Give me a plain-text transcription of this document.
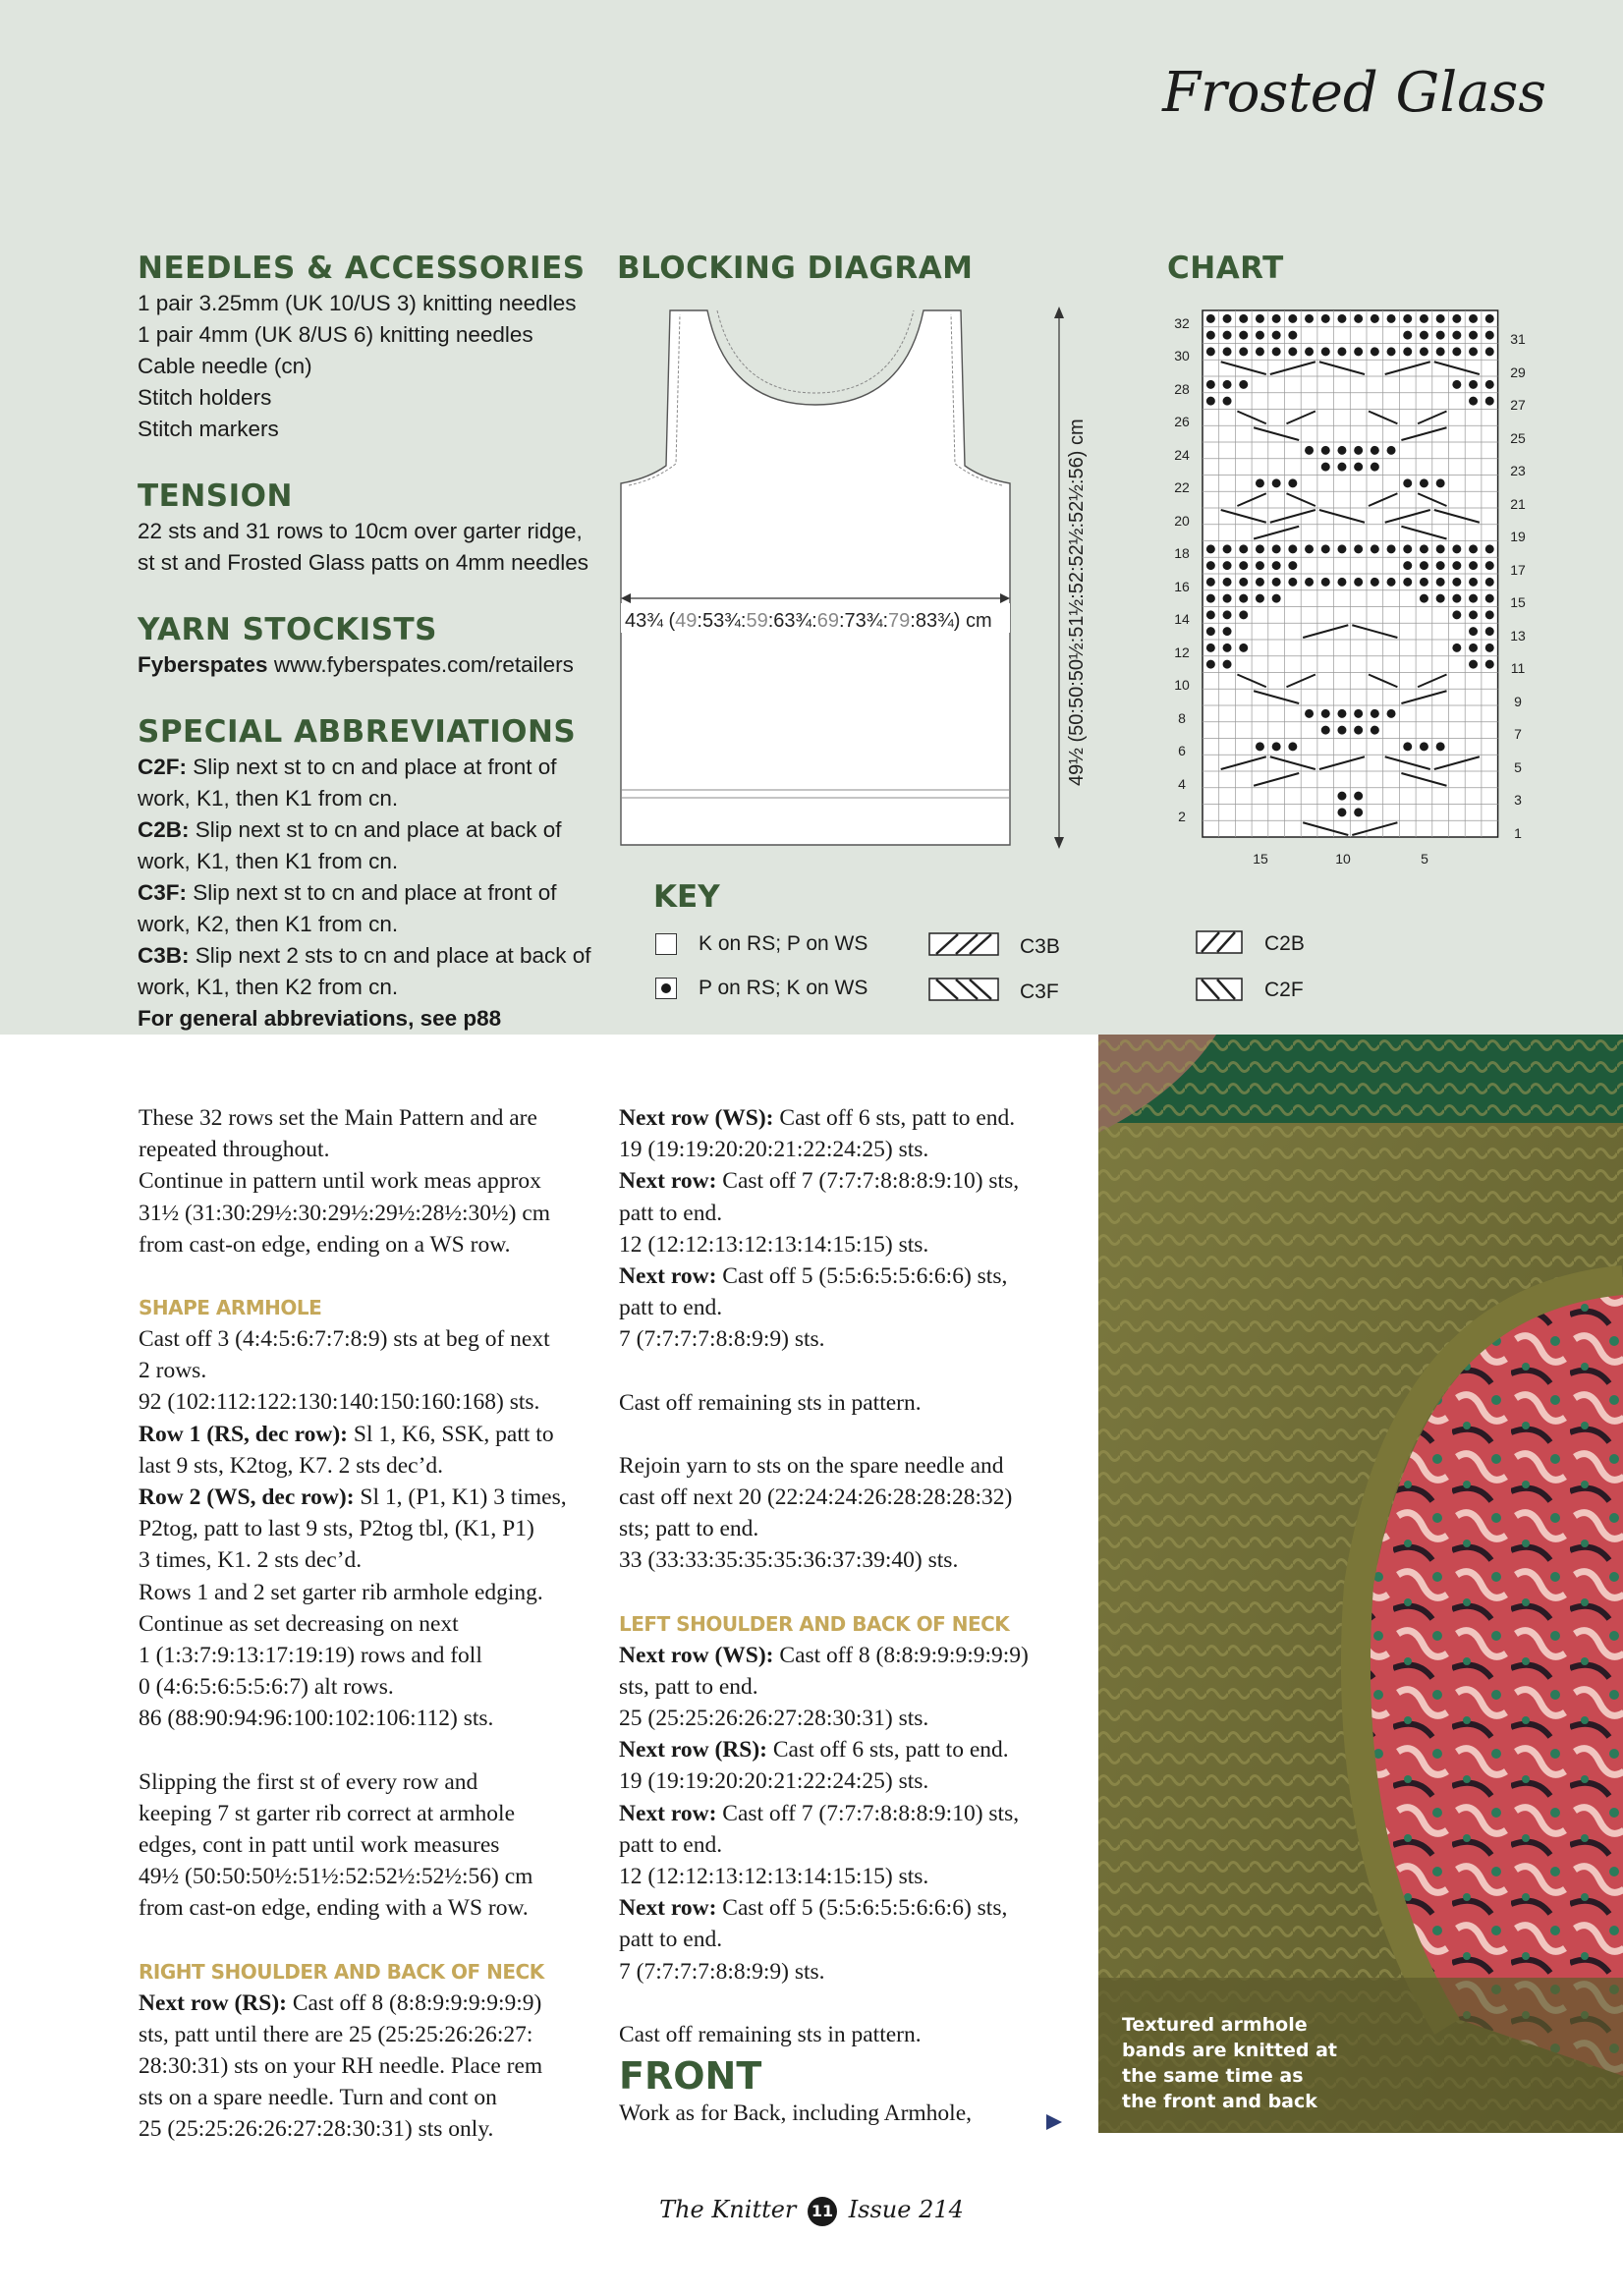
Frosted Glass
NEEDLES & ACCESSORIES
1 pair 3.25mm (UK 10/US 3) knitting needles
1 pair 4mm (UK 8/US 6) knitting needles
Cable needle (cn)
Stitch holders
Stitch markers
TENSION
22 sts and 31 rows to 10cm over garter ridge,
st st and Frosted Glass patts on 4mm needles
YARN STOCKISTS
Fyberspates www.fyberspates.com/retailers
SPECIAL ABBREVIATIONS
C2F: Slip next st to cn and place at front of
work, K1, then K1 from cn.
C2B: Slip next st to cn and place at back of
work, K1, then K1 from cn.
C3F: Slip next st to cn and place at front of
work, K2, then K1 from cn.
C3B: Slip next 2 sts to cn and place at back of
work, K1, then K2 from cn.
For general abbreviations, see p88
BLOCKING DIAGRAM
43¾ (49:53¾:59:63¾:69:73¾:79:83¾) cm	49½ (50:50:50½:51½:52:52½:52½:56) cm
CHART
32
30
28
26
24
22
20
18
16
14
12
10
8
6
4
2
31
29
27
25
23
21
19
17
15
13
11
9
7
5
3
1
15	10	5
KEY
K on RS; P on WS
P on RS; K on WS
C3B
C3F
C2B
C2F

These 32 rows set the Main Pattern and are

repeated throughout.

Continue in pattern until work meas approx

31½ (31:30:29½:30:29½:29½:28½:30½) cm

from cast-on edge, ending on a WS row.

SHAPE ARMHOLE

Cast off 3 (4:4:5:6:7:7:8:9) sts at beg of next

2 rows.

92 (102:112:122:130:140:150:160:168) sts.

Row 1 (RS, dec row): Sl 1, K6, SSK, patt to

last 9 sts, K2tog, K7. 2 sts dec’d.

Row 2 (WS, dec row): Sl 1, (P1, K1) 3 times,

P2tog, patt to last 9 sts, P2tog tbl, (K1, P1)

3 times, K1. 2 sts dec’d.

Rows 1 and 2 set garter rib armhole edging.

Continue as set decreasing on next

1 (1:3:7:9:13:17:19:19) rows and foll

0 (4:6:5:6:5:5:6:7) alt rows.

86 (88:90:94:96:100:102:106:112) sts.

Slipping the first st of every row and

keeping 7 st garter rib correct at armhole

edges, cont in patt until work measures

49½ (50:50:50½:51½:52:52½:52½:56) cm

from cast-on edge, ending with a WS row.

RIGHT SHOULDER AND BACK OF NECK

Next row (RS): Cast off 8 (8:8:9:9:9:9:9:9)

sts, patt until there are 25 (25:25:26:26:27:

28:30:31) sts on your RH needle. Place rem

sts on a spare needle. Turn and cont on

25 (25:25:26:26:27:28:30:31) sts only.

Next row (WS): Cast off 6 sts, patt to end.

19 (19:19:20:20:21:22:24:25) sts.

Next row: Cast off 7 (7:7:7:8:8:8:9:10) sts,

patt to end.

12 (12:12:13:12:13:14:15:15) sts.

Next row: Cast off 5 (5:5:6:5:5:6:6:6) sts,

patt to end.

7 (7:7:7:7:8:8:9:9) sts.

Cast off remaining sts in pattern.

Rejoin yarn to sts on the spare needle and

cast off next 20 (22:24:24:26:28:28:28:32)

sts; patt to end.

33 (33:33:35:35:35:36:37:39:40) sts.

LEFT SHOULDER AND BACK OF NECK

Next row (WS): Cast off 8 (8:8:9:9:9:9:9:9)

sts, patt to end.

25 (25:25:26:26:27:28:30:31) sts.

Next row (RS): Cast off 6 sts, patt to end.

19 (19:19:20:20:21:22:24:25) sts.

Next row: Cast off 7 (7:7:7:8:8:8:9:10) sts,

patt to end.

12 (12:12:13:12:13:14:15:15) sts.

Next row: Cast off 5 (5:5:6:5:5:6:6:6) sts,

patt to end.

7 (7:7:7:7:8:8:9:9) sts.

Cast off remaining sts in pattern.

FRONT

Work as for Back, including Armhole,

Textured armhole bands are knitted at the same time as the front and back
The Knitter 11 Issue 214
